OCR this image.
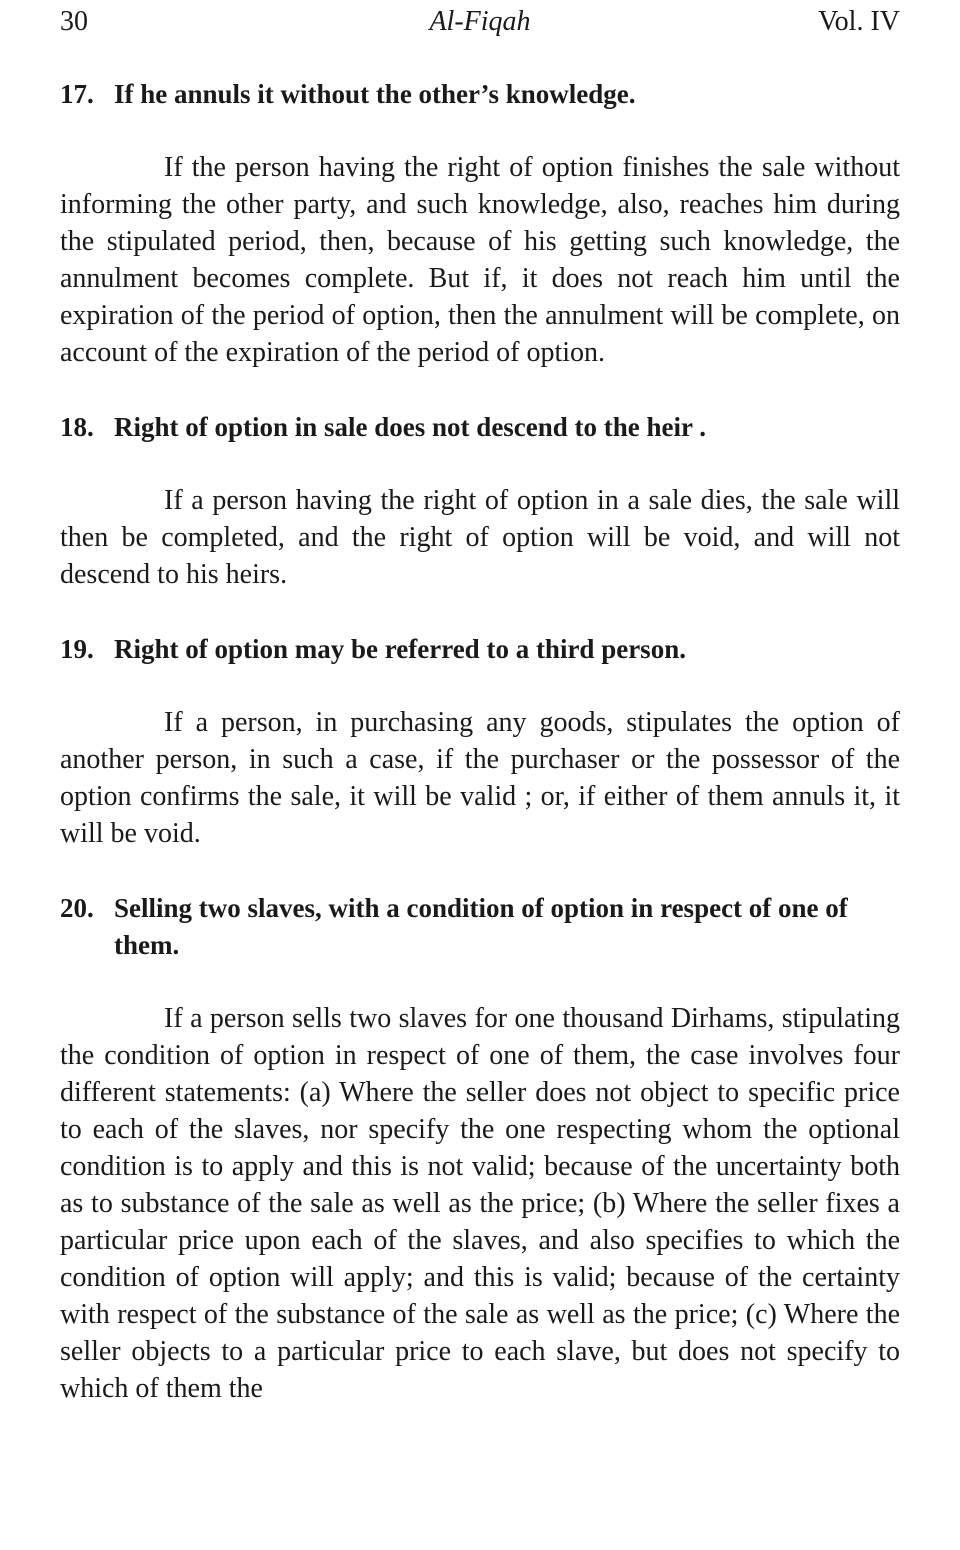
30	Al-Fiqah	Vol. IV

17. If he annuls it without the other’s knowledge.

If the person having the right of option finishes the sale without informing the other party, and such knowledge, also, reaches him during the stipulated period, then, because of his getting such knowledge, the annulment becomes complete. But if, it does not reach him until the expiration of the period of option, then the annulment will be complete, on account of the expiration of the period of option.

18. Right of option in sale does not descend to the heir .

If a person having the right of option in a sale dies, the sale will then be completed, and the right of option will be void, and will not descend to his heirs.

19. Right of option may be referred to a third person.

If a person, in purchasing any goods, stipulates the option of another person, in such a case, if the purchaser or the possessor of the option confirms the sale, it will be valid ; or, if either of them annuls it, it will be void.

20. Selling two slaves, with a condition of option in respect of one of them.

If a person sells two slaves for one thousand Dirhams, stipulating the condition of option in respect of one of them, the case involves four different statements: (a) Where the seller does not object to specific price to each of the slaves, nor specify the one respecting whom the optional condition is to apply and this is not valid; because of the uncertainty both as to substance of the sale as well as the price; (b) Where the seller fixes a particular price upon each of the slaves, and also specifies to which the condition of option will apply; and this is valid; because of the certainty with respect of the substance of the sale as well as the price; (c) Where the seller objects to a particular price to each slave, but does not specify to which of them the
